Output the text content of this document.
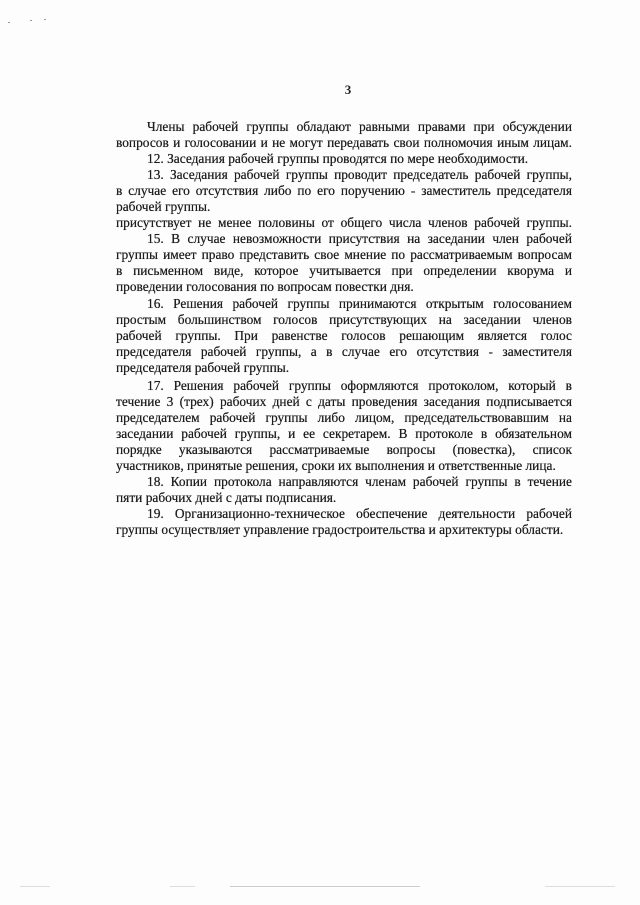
3
Члены рабочей группы обладают равными правами при обсуждении
вопросов и голосовании и не могут передавать свои полномочия иным лицам.
12. Заседания рабочей группы проводятся по мере необходимости.
13. Заседания рабочей группы проводит председатель рабочей группы,
в случае его отсутствия либо по его поручению - заместитель председателя
рабочей группы.
присутствует не менее половины от общего числа членов рабочей группы.
15. В случае невозможности присутствия на заседании член рабочей
группы имеет право представить свое мнение по рассматриваемым вопросам
в письменном виде, которое учитывается при определении кворума и
проведении голосования по вопросам повестки дня.
16. Решения рабочей группы принимаются открытым голосованием
простым большинством голосов присутствующих на заседании членов
рабочей группы. При равенстве голосов решающим является голос
председателя рабочей группы, а в случае его отсутствия - заместителя
председателя рабочей группы.
17. Решения рабочей группы оформляются протоколом, который в
течение 3 (трех) рабочих дней с даты проведения заседания подписывается
председателем рабочей группы либо лицом, председательствовавшим на
заседании рабочей группы, и ее секретарем. В протоколе в обязательном
порядке указываются рассматриваемые вопросы (повестка), список
участников, принятые решения, сроки их выполнения и ответственные лица.
18. Копии протокола направляются членам рабочей группы в течение
пяти рабочих дней с даты подписания.
19. Организационно-техническое обеспечение деятельности рабочей
группы осуществляет управление градостроительства и архитектуры области.
